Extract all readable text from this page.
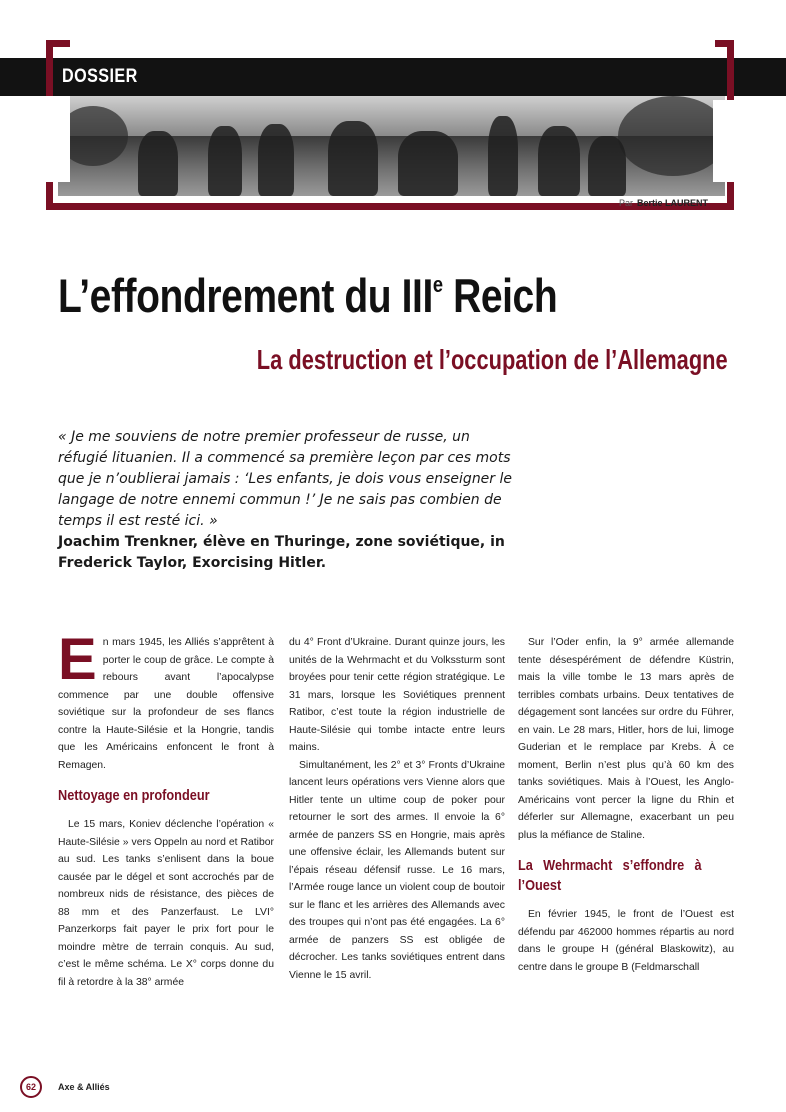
DOSSIER
Par Bertie LAURENT
L’effondrement du IIIe Reich
La destruction et l’occupation de l’Allemagne
« Je me souviens de notre premier professeur de russe, un réfugié lituanien. Il a commencé sa première leçon par ces mots que je n’oublierai jamais : ‘Les enfants, je dois vous enseigner le langage de notre ennemi commun !’ Je ne sais pas combien de temps il est resté ici. »
Joachim Trenkner, élève en Thuringe, zone soviétique, in Frederick Taylor, Exorcising Hitler.
E n mars 1945, les Alliés s’apprêtent à porter le coup de grâce. Le compte à rebours avant l’apocalypse commence par une double offensive soviétique sur la profondeur de ses flancs contre la Haute-Silésie et la Hongrie, tandis que les Américains enfoncent le front à Remagen.

Nettoyage en profondeur

Le 15 mars, Koniev déclenche l’opération « Haute-Silésie » vers Oppeln au nord et Ratibor au sud. Les tanks s’enlisent dans la boue causée par le dégel et sont accrochés par de nombreux nids de résistance, des pièces de 88 mm et des Panzerfaust. Le LVI° Panzerkorps fait payer le prix fort pour le moindre mètre de terrain conquis. Au sud, c’est le même schéma. Le X° corps donne du fil à retordre à la 38° armée

du 4° Front d’Ukraine. Durant quinze jours, les unités de la Wehrmacht et du Volkssturm sont broyées pour tenir cette région stratégique. Le 31 mars, lorsque les Soviétiques prennent Ratibor, c’est toute la région industrielle de Haute-Silésie qui tombe intacte entre leurs mains.

Simultanément, les 2° et 3° Fronts d’Ukraine lancent leurs opérations vers Vienne alors que Hitler tente un ultime coup de poker pour retourner le sort des armes. Il envoie la 6° armée de panzers SS en Hongrie, mais après une offensive éclair, les Allemands butent sur l’épais réseau défensif russe. Le 16 mars, l’Armée rouge lance un violent coup de boutoir sur le flanc et les arrières des Allemands avec des troupes qui n’ont pas été engagées. La 6° armée de panzers SS est obligée de décrocher. Les tanks soviétiques entrent dans Vienne le 15 avril.

Sur l’Oder enfin, la 9° armée allemande tente désespérément de défendre Küstrin, mais la ville tombe le 13 mars après de terribles combats urbains. Deux tentatives de dégagement sont lancées sur ordre du Führer, en vain. Le 28 mars, Hitler, hors de lui, limoge Guderian et le remplace par Krebs. À ce moment, Berlin n’est plus qu’à 60 km des tanks soviétiques. Mais à l’Ouest, les Anglo-Américains vont percer la ligne du Rhin et déferler sur Allemagne, exacerbant un peu plus la méfiance de Staline.

La Wehrmacht s’effondre à l’Ouest

En février 1945, le front de l’Ouest est défendu par 462000 hommes répartis au nord dans le groupe H (général Blaskowitz), au centre dans le groupe B (Feldmarschall

62	Axe & Alliés
